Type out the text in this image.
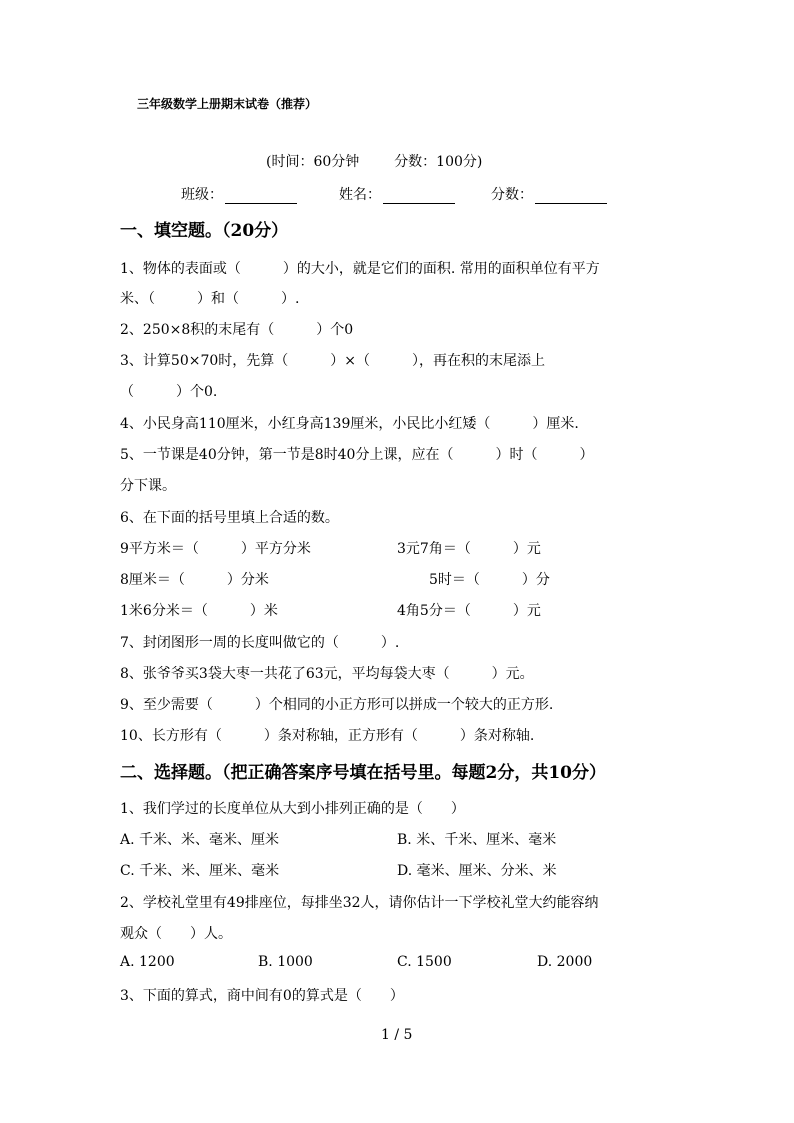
三年级数学上册期末试卷（推荐）
(时间：60分钟 分数：100分)
班级：	姓名：	分数：
一、填空题。（20分）
1、物体的表面或（　　　）的大小，就是它们的面积. 常用的面积单位有平方
米、（　　　）和（　　　）.
2、250×8积的末尾有（　　　）个0
3、计算50×70时，先算（　　　）×（　　　），再在积的末尾添上
（　　　）个0.
4、小民身高110厘米，小红身高139厘米，小民比小红矮（　　　）厘米.
5、一节课是40分钟，第一节是8时40分上课，应在（　　　）时（　　　）
分下课。
6、在下面的括号里填上合适的数。
9平方米＝（　　　）平方分米	3元7角＝（　　　）元
8厘米＝（　　　）分米	5时＝（　　　）分
1米6分米＝（　　　）米	4角5分＝（　　　）元
7、封闭图形一周的长度叫做它的（　　　）.
8、张爷爷买3袋大枣一共花了63元，平均每袋大枣（　　　）元。
9、至少需要（　　　）个相同的小正方形可以拼成一个较大的正方形.
10、长方形有（　　　）条对称轴，正方形有（　　　）条对称轴.
二、选择题。（把正确答案序号填在括号里。每题2分，共10分）
1、我们学过的长度单位从大到小排列正确的是（　　）
A. 千米、米、毫米、厘米	B. 米、千米、厘米、毫米
C. 千米、米、厘米、毫米	D. 毫米、厘米、分米、米
2、学校礼堂里有49排座位，每排坐32人，请你估计一下学校礼堂大约能容纳
观众（　　）人。
A. 1200	B. 1000	C. 1500	D. 2000
3、下面的算式，商中间有0的算式是（　　）
1 / 5
